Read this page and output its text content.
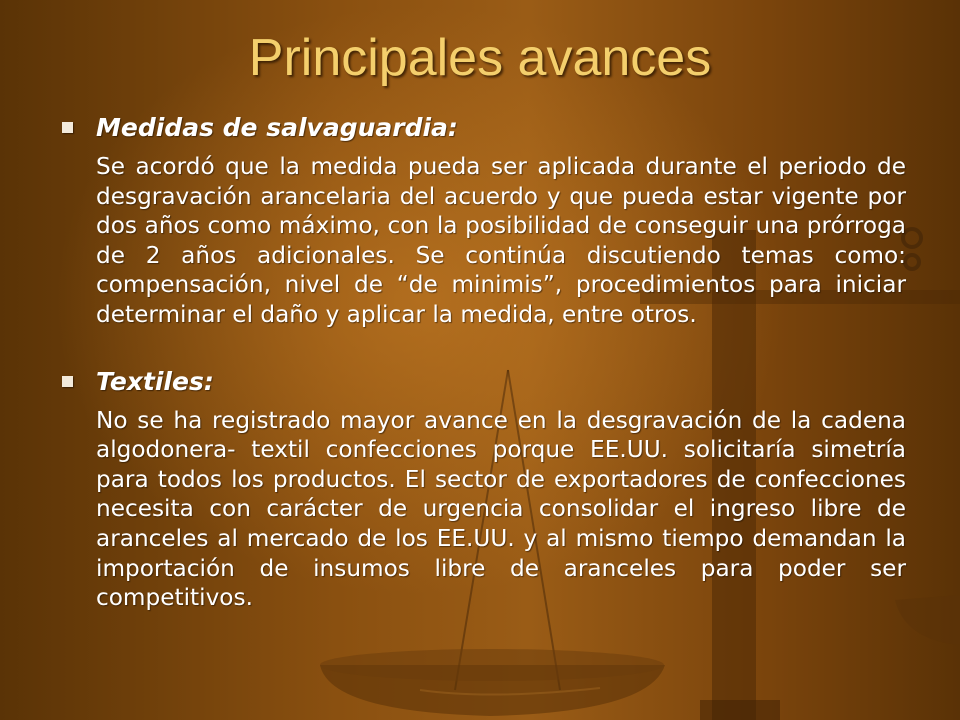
Principales avances
Medidas de salvaguardia:
Se acordó que la medida pueda ser aplicada durante el periodo de desgravación arancelaria del acuerdo y que pueda estar vigente por dos años como máximo, con la posibilidad de conseguir una prórroga de 2 años adicionales. Se continúa discutiendo temas como: compensación, nivel de “de minimis”, procedimientos para iniciar determinar el daño y aplicar la medida, entre otros.
Textiles:
No se ha registrado mayor avance en la desgravación de la cadena algodonera- textil confecciones porque EE.UU. solicitaría simetría para todos los productos. El sector de exportadores de confecciones necesita con carácter de urgencia consolidar el ingreso libre de aranceles al mercado de los EE.UU. y al mismo tiempo demandan la importación de insumos libre de aranceles para poder ser competitivos.
